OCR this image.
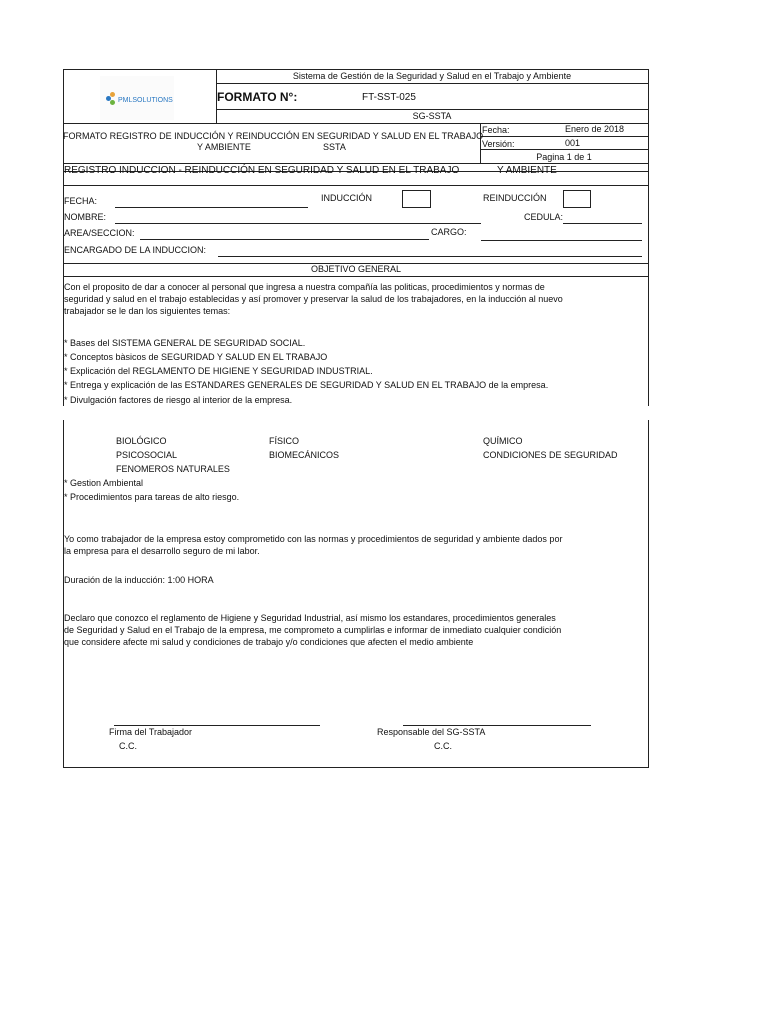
PMLSOLUTIONS
Sistema de Gestión de la Seguridad y Salud en el Trabajo y Ambiente
FORMATO N°:	FT-SST-025
SG-SSTA
FORMATO REGISTRO DE INDUCCIÓN Y REINDUCCIÓN EN SEGURIDAD Y SALUD EN EL TRABAJO
Y AMBIENTE	SSTA
Fecha:	Enero de 2018
Versión:	001
Pagina 1 de 1
REGISTRO INDUCCION - REINDUCCIÓN EN SEGURIDAD Y SALUD EN EL TRABAJO	Y AMBIENTE
FECHA:	INDUCCIÓN	REINDUCCIÓN
NOMBRE:	CEDULA:
AREA/SECCION:	CARGO:
ENCARGADO DE LA INDUCCION:
OBJETIVO GENERAL
Con el proposito de dar a conocer al personal que ingresa a nuestra compañía las politicas, procedimientos y normas de
seguridad y salud en el trabajo establecidas y así promover y preservar la salud de los trabajadores, en la inducción al nuevo
trabajador se le dan los siguientes temas:
* Bases del SISTEMA GENERAL DE SEGURIDAD SOCIAL.
* Conceptos bàsicos de SEGURIDAD Y SALUD EN EL TRABAJO
* Explicación del REGLAMENTO DE HIGIENE Y SEGURIDAD INDUSTRIAL.
* Entrega y explicación de las ESTANDARES GENERALES DE SEGURIDAD Y SALUD EN EL TRABAJO de la empresa.
* Divulgación factores de riesgo al interior de la empresa.
BIOLÓGICO	FÍSICO	QUÍMICO
PSICOSOCIAL	BIOMECÁNICOS	CONDICIONES DE SEGURIDAD
FENOMEROS NATURALES
* Gestion Ambiental
* Procedimientos para tareas de alto riesgo.
Yo como trabajador de la empresa estoy comprometido con las normas y procedimientos de seguridad y ambiente dados por
la empresa para el desarrollo seguro de mi labor.
Duración de la inducción: 1:00 HORA
Declaro que conozco el reglamento de Higiene y Seguridad Industrial, así mismo los estandares, procedimientos generales
de Seguridad y Salud en el Trabajo de la empresa, me comprometo a cumplirlas e informar de inmediato cualquier condición
que considere afecte mi salud y condiciones de trabajo y/o condiciones que afecten el medio ambiente
Firma del Trabajador	Responsable del SG-SSTA
C.C.	C.C.
